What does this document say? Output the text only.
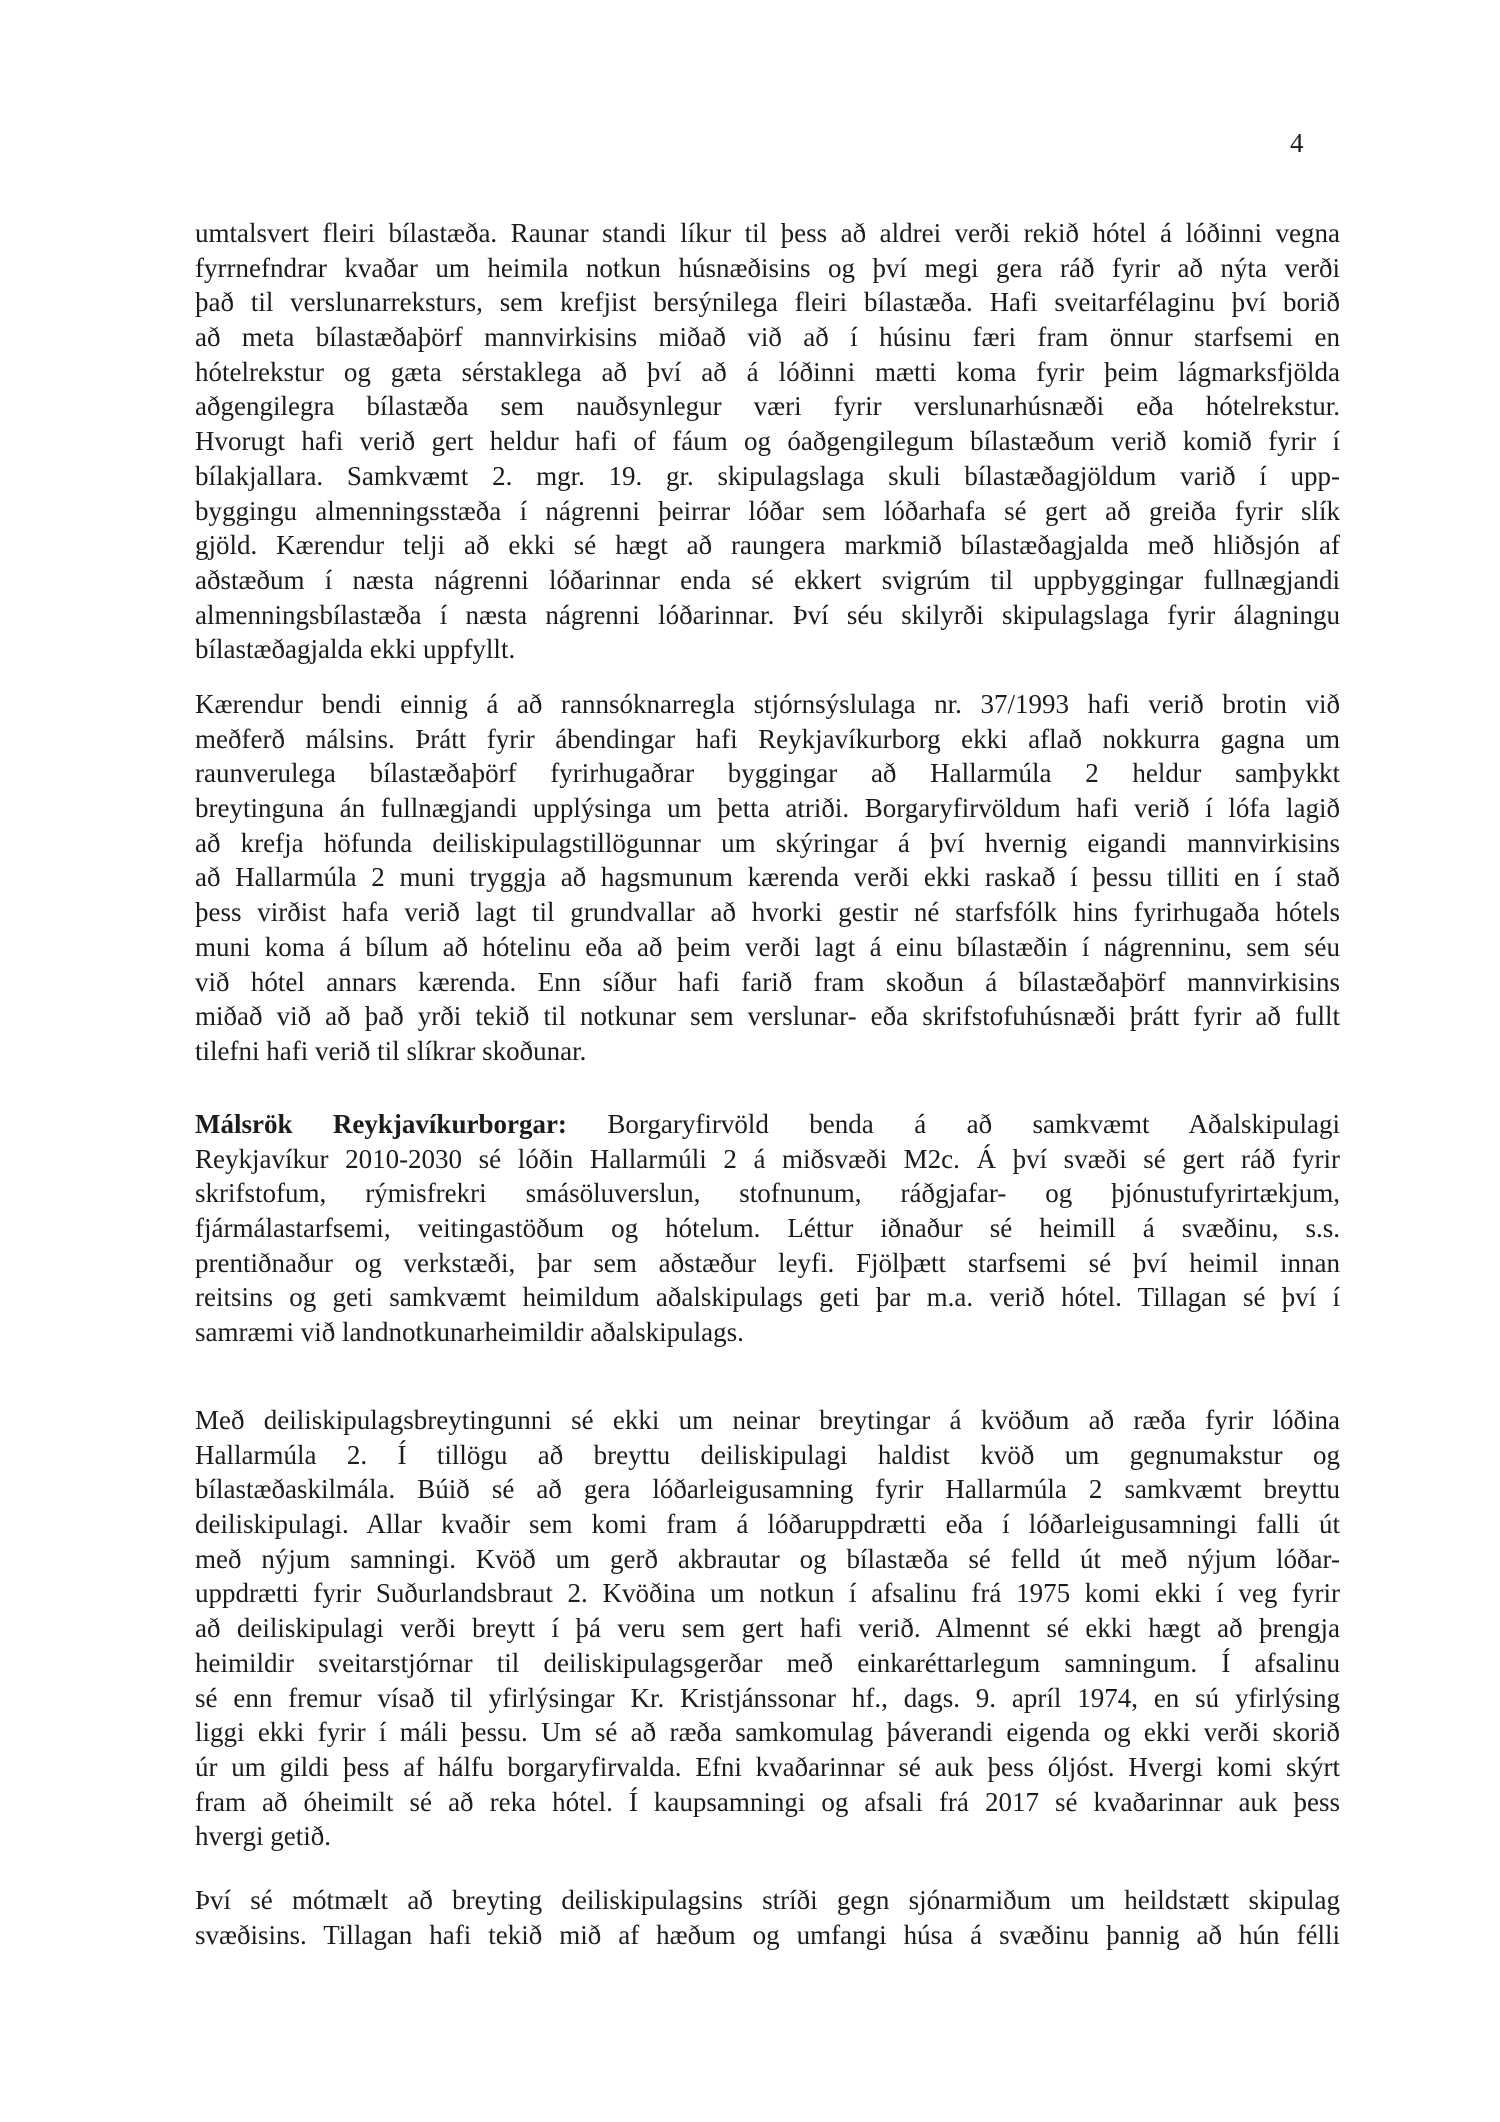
4
umtalsvert fleiri bílastæða. Raunar standi líkur til þess að aldrei verði rekið hótel á lóðinni vegna
fyrrnefndrar kvaðar um heimila notkun húsnæðisins og því megi gera ráð fyrir að nýta verði
það til verslunarreksturs, sem krefjist bersýnilega fleiri bílastæða. Hafi sveitarfélaginu því borið
að meta bílastæðaþörf mannvirkisins miðað við að í húsinu færi fram önnur starfsemi en
hótelrekstur og gæta sérstaklega að því að á lóðinni mætti koma fyrir þeim lágmarksfjölda
aðgengilegra bílastæða sem nauðsynlegur væri fyrir verslunarhúsnæði eða hótelrekstur.
Hvorugt hafi verið gert heldur hafi of fáum og óaðgengilegum bílastæðum verið komið fyrir í
bílakjallara. Samkvæmt 2. mgr. 19. gr. skipulagslaga skuli bílastæðagjöldum varið í upp-
byggingu almenningsstæða í nágrenni þeirrar lóðar sem lóðarhafa sé gert að greiða fyrir slík
gjöld. Kærendur telji að ekki sé hægt að raungera markmið bílastæðagjalda með hliðsjón af
aðstæðum í næsta nágrenni lóðarinnar enda sé ekkert svigrúm til uppbyggingar fullnægjandi
almenningsbílastæða í næsta nágrenni lóðarinnar. Því séu skilyrði skipulagslaga fyrir álagningu
bílastæðagjalda ekki uppfyllt.
Kærendur bendi einnig á að rannsóknarregla stjórnsýslulaga nr. 37/1993 hafi verið brotin við
meðferð málsins. Þrátt fyrir ábendingar hafi Reykjavíkurborg ekki aflað nokkurra gagna um
raunverulega bílastæðaþörf fyrirhugaðrar byggingar að Hallarmúla 2 heldur samþykkt
breytinguna án fullnægjandi upplýsinga um þetta atriði. Borgaryfirvöldum hafi verið í lófa lagið
að krefja höfunda deiliskipulagstillögunnar um skýringar á því hvernig eigandi mannvirkisins
að Hallarmúla 2 muni tryggja að hagsmunum kærenda verði ekki raskað í þessu tilliti en í stað
þess virðist hafa verið lagt til grundvallar að hvorki gestir né starfsfólk hins fyrirhugaða hótels
muni koma á bílum að hótelinu eða að þeim verði lagt á einu bílastæðin í nágrenninu, sem séu
við hótel annars kærenda. Enn síður hafi farið fram skoðun á bílastæðaþörf mannvirkisins
miðað við að það yrði tekið til notkunar sem verslunar- eða skrifstofuhúsnæði þrátt fyrir að fullt
tilefni hafi verið til slíkrar skoðunar.
Málsrök Reykjavíkurborgar: Borgaryfirvöld benda á að samkvæmt Aðalskipulagi
Reykjavíkur 2010-2030 sé lóðin Hallarmúli 2 á miðsvæði M2c. Á því svæði sé gert ráð fyrir
skrifstofum, rýmisfrekri smásöluverslun, stofnunum, ráðgjafar- og þjónustufyrirtækjum,
fjármálastarfsemi, veitingastöðum og hótelum. Léttur iðnaður sé heimill á svæðinu, s.s.
prentiðnaður og verkstæði, þar sem aðstæður leyfi. Fjölþætt starfsemi sé því heimil innan
reitsins og geti samkvæmt heimildum aðalskipulags geti þar m.a. verið hótel. Tillagan sé því í
samræmi við landnotkunarheimildir aðalskipulags.
Með deiliskipulagsbreytingunni sé ekki um neinar breytingar á kvöðum að ræða fyrir lóðina
Hallarmúla 2. Í tillögu að breyttu deiliskipulagi haldist kvöð um gegnumakstur og
bílastæðaskilmála. Búið sé að gera lóðarleigusamning fyrir Hallarmúla 2 samkvæmt breyttu
deiliskipulagi. Allar kvaðir sem komi fram á lóðaruppdrætti eða í lóðarleigusamningi falli út
með nýjum samningi. Kvöð um gerð akbrautar og bílastæða sé felld út með nýjum lóðar-
uppdrætti fyrir Suðurlandsbraut 2. Kvöðina um notkun í afsalinu frá 1975 komi ekki í veg fyrir
að deiliskipulagi verði breytt í þá veru sem gert hafi verið. Almennt sé ekki hægt að þrengja
heimildir sveitarstjórnar til deiliskipulagsgerðar með einkaréttarlegum samningum. Í afsalinu
sé enn fremur vísað til yfirlýsingar Kr. Kristjánssonar hf., dags. 9. apríl 1974, en sú yfirlýsing
liggi ekki fyrir í máli þessu. Um sé að ræða samkomulag þáverandi eigenda og ekki verði skorið
úr um gildi þess af hálfu borgaryfirvalda. Efni kvaðarinnar sé auk þess óljóst. Hvergi komi skýrt
fram að óheimilt sé að reka hótel. Í kaupsamningi og afsali frá 2017 sé kvaðarinnar auk þess
hvergi getið.
Því sé mótmælt að breyting deiliskipulagsins stríði gegn sjónarmiðum um heildstætt skipulag
svæðisins. Tillagan hafi tekið mið af hæðum og umfangi húsa á svæðinu þannig að hún félli
